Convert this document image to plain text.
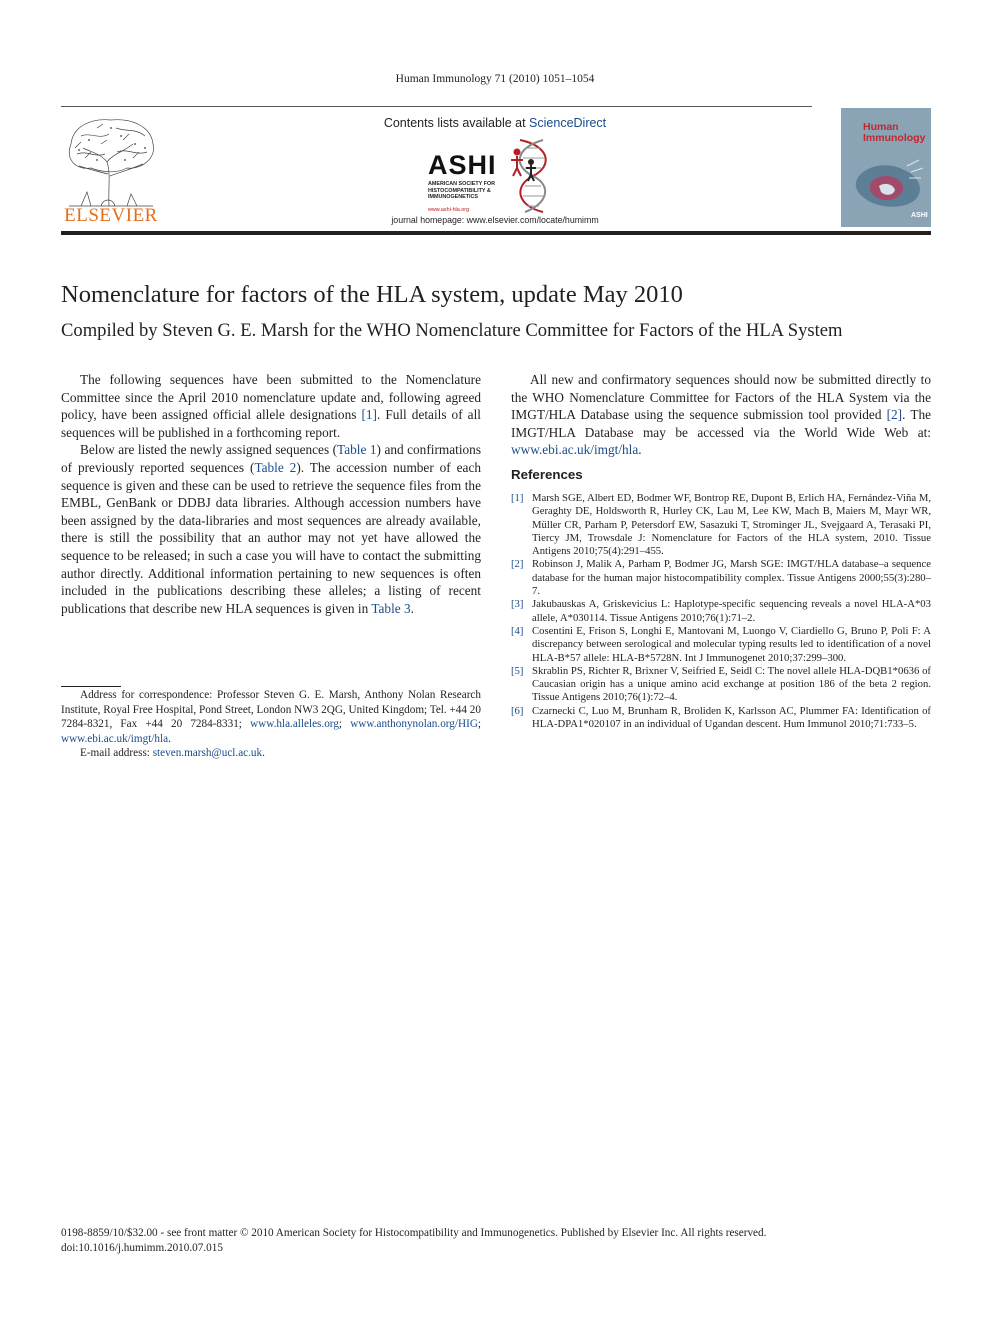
Human Immunology 71 (2010) 1051–1054
ELSEVIER
Contents lists available at ScienceDirect
ASHI
AMERICAN SOCIETY FOR
HISTOCOMPATIBILITY &
IMMUNOGENETICS
www.ashi-hla.org
journal homepage: www.elsevier.com/locate/humimm
Human
Immunology
ASHI
Nomenclature for factors of the HLA system, update May 2010
Compiled by Steven G. E. Marsh for the WHO Nomenclature Committee for Factors of the HLA System

The following sequences have been submitted to the Nomenclature Committee since the April 2010 nomenclature update and, following agreed policy, have been assigned official allele designations [1]. Full details of all sequences will be published in a forthcoming report.

Below are listed the newly assigned sequences (Table 1) and confirmations of previously reported sequences (Table 2). The accession number of each sequence is given and these can be used to retrieve the sequence files from the EMBL, GenBank or DDBJ data libraries. Although accession numbers have been assigned by the data-libraries and most sequences are already available, there is still the possibility that an author may not yet have allowed the sequence to be released; in such a case you will have to contact the submitting author directly. Additional information pertaining to new sequences is often included in the publications describing these alleles; a listing of recent publications that describe new HLA sequences is given in Table 3.

Address for correspondence: Professor Steven G. E. Marsh, Anthony Nolan Research Institute, Royal Free Hospital, Pond Street, London NW3 2QG, United Kingdom; Tel. +44 20 7284-8321, Fax +44 20 7284-8331; www.hla.alleles.org; www.anthonynolan.org/HIG; www.ebi.ac.uk/imgt/hla.

E-mail address: steven.marsh@ucl.ac.uk.

All new and confirmatory sequences should now be submitted directly to the WHO Nomenclature Committee for Factors of the HLA System via the IMGT/HLA Database using the sequence submission tool provided [2]. The IMGT/HLA Database may be accessed via the World Wide Web at: www.ebi.ac.uk/imgt/hla.

References
[1] Marsh SGE, Albert ED, Bodmer WF, Bontrop RE, Dupont B, Erlich HA, Fernández-Viña M, Geraghty DE, Holdsworth R, Hurley CK, Lau M, Lee KW, Mach B, Maiers M, Mayr WR, Müller CR, Parham P, Petersdorf EW, Sasazuki T, Strominger JL, Svejgaard A, Terasaki PI, Tiercy JM, Trowsdale J: Nomenclature for Factors of the HLA system, 2010. Tissue Antigens 2010;75(4):291–455.
[2] Robinson J, Malik A, Parham P, Bodmer JG, Marsh SGE: IMGT/HLA database–a sequence database for the human major histocompatibility complex. Tissue Antigens 2000;55(3):280–7.
[3] Jakubauskas A, Griskevicius L: Haplotype-specific sequencing reveals a novel HLA-A*03 allele, A*030114. Tissue Antigens 2010;76(1):71–2.
[4] Cosentini E, Frison S, Longhi E, Mantovani M, Luongo V, Ciardiello G, Bruno P, Poli F: A discrepancy between serological and molecular typing results led to identification of a novel HLA-B*57 allele: HLA-B*5728N. Int J Immunogenet 2010;37:299–300.
[5] Skrablin PS, Richter R, Brixner V, Seifried E, Seidl C: The novel allele HLA-DQB1*0636 of Caucasian origin has a unique amino acid exchange at position 186 of the beta 2 region. Tissue Antigens 2010;76(1):72–4.
[6] Czarnecki C, Luo M, Brunham R, Broliden K, Karlsson AC, Plummer FA: Identification of HLA-DPA1*020107 in an individual of Ugandan descent. Hum Immunol 2010;71:733–5.
0198-8859/10/$32.00 - see front matter © 2010 American Society for Histocompatibility and Immunogenetics. Published by Elsevier Inc. All rights reserved.
doi:10.1016/j.humimm.2010.07.015
